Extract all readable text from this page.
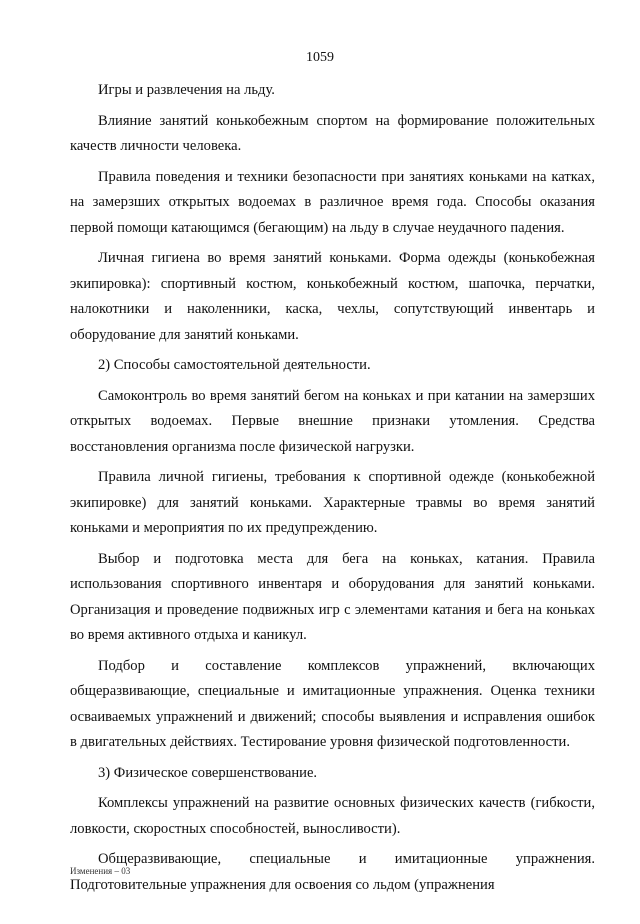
1059

Игры и развлечения на льду.

Влияние занятий конькобежным спортом на формирование положительных качеств личности человека.

Правила поведения и техники безопасности при занятиях коньками на катках, на замерзших открытых водоемах в различное время года. Способы оказания первой помощи катающимся (бегающим) на льду в случае неудачного падения.

Личная гигиена во время занятий коньками. Форма одежды (конькобежная экипировка): спортивный костюм, конькобежный костюм, шапочка, перчатки, налокотники и наколенники, каска, чехлы, сопутствующий инвентарь и оборудование для занятий коньками.

2) Способы самостоятельной деятельности.

Самоконтроль во время занятий бегом на коньках и при катании на замерзших открытых водоемах. Первые внешние признаки утомления. Средства восстановления организма после физической нагрузки.

Правила личной гигиены, требования к спортивной одежде (конькобежной экипировке) для занятий коньками. Характерные травмы во время занятий коньками и мероприятия по их предупреждению.

Выбор и подготовка места для бега на коньках, катания. Правила использования спортивного инвентаря и оборудования для занятий коньками. Организация и проведение подвижных игр с элементами катания и бега на коньках во время активного отдыха и каникул.

Подбор и составление комплексов упражнений, включающих общеразвивающие, специальные и имитационные упражнения. Оценка техники осваиваемых упражнений и движений; способы выявления и исправления ошибок в двигательных действиях. Тестирование уровня физической подготовленности.

3) Физическое совершенствование.

Комплексы упражнений на развитие основных физических качеств (гибкости, ловкости, скоростных способностей, выносливости).

Общеразвивающие, специальные и имитационные упражнения. Подготовительные упражнения для освоения со льдом (упражнения

Изменения – 03
